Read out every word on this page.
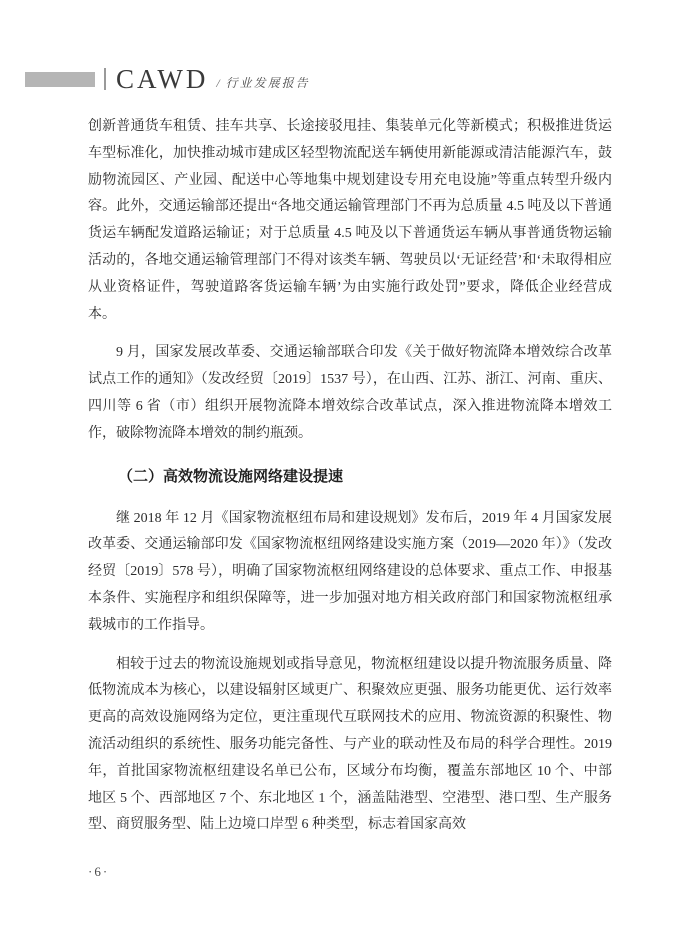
CAWD / 行业发展报告

创新普通货车租赁、挂车共享、长途接驳甩挂、集装单元化等新模式；积极推进货运车型标准化，加快推动城市建成区轻型物流配送车辆使用新能源或清洁能源汽车，鼓励物流园区、产业园、配送中心等地集中规划建设专用充电设施”等重点转型升级内容。此外，交通运输部还提出“各地交通运输管理部门不再为总质量 4.5 吨及以下普通货运车辆配发道路运输证；对于总质量 4.5 吨及以下普通货运车辆从事普通货物运输活动的，各地交通运输管理部门不得对该类车辆、驾驶员以‘无证经营’和‘未取得相应从业资格证件，驾驶道路客货运输车辆’为由实施行政处罚”要求，降低企业经营成本。

9 月，国家发展改革委、交通运输部联合印发《关于做好物流降本增效综合改革试点工作的通知》（发改经贸〔2019〕1537 号），在山西、江苏、浙江、河南、重庆、四川等 6 省（市）组织开展物流降本增效综合改革试点，深入推进物流降本增效工作，破除物流降本增效的制约瓶颈。

（二）高效物流设施网络建设提速

继 2018 年 12 月《国家物流枢纽布局和建设规划》发布后，2019 年 4 月国家发展改革委、交通运输部印发《国家物流枢纽网络建设实施方案（2019—2020 年）》（发改经贸〔2019〕578 号），明确了国家物流枢纽网络建设的总体要求、重点工作、申报基本条件、实施程序和组织保障等，进一步加强对地方相关政府部门和国家物流枢纽承载城市的工作指导。

相较于过去的物流设施规划或指导意见，物流枢纽建设以提升物流服务质量、降低物流成本为核心，以建设辐射区域更广、积聚效应更强、服务功能更优、运行效率更高的高效设施网络为定位，更注重现代互联网技术的应用、物流资源的积聚性、物流活动组织的系统性、服务功能完备性、与产业的联动性及布局的科学合理性。2019 年，首批国家物流枢纽建设名单已公布，区域分布均衡，覆盖东部地区 10 个、中部地区 5 个、西部地区 7 个、东北地区 1 个，涵盖陆港型、空港型、港口型、生产服务型、商贸服务型、陆上边境口岸型 6 种类型，标志着国家高效

·6·
